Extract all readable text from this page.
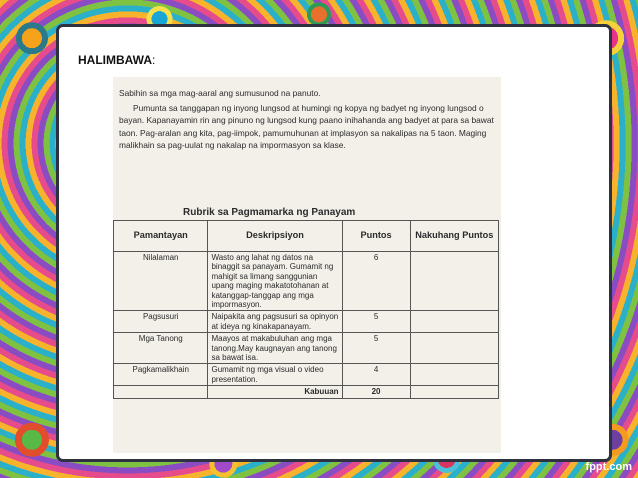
HALIMBAWA:

Sabihin sa mga mag-aaral ang sumusunod na panuto.

Pumunta sa tanggapan ng inyong lungsod at humingi ng kopya ng badyet ng inyong lungsod o bayan. Kapanayamin rin ang pinuno ng lungsod kung paano inihahanda ang badyet at para sa bawat taon. Pag-aralan ang kita, pag-iimpok, pamumuhunan at implasyon sa nakalipas na 5 taon. Maging malikhain sa pag-uulat ng nakalap na impormasyon sa klase.

Rubrik sa Pagmamarka ng Panayam
Pamantayan	Deskripsiyon	Puntos	Nakuhang Puntos
Nilalaman	Wasto ang lahat ng datos na binaggit sa panayam. Gumamit ng mahigit sa limang sanggunian upang maging makatotohanan at katanggap-tanggap ang mga impormasyon.	6	
Pagsusuri	Naipakita ang pagsusuri sa opinyon at ideya ng kinakapanayam.	5	
Mga Tanong	Maayos at makabuluhan ang mga tanong.May kaugnayan ang tanong sa bawat isa.	5	
Pagkamalikhain	Gumamit ng mga visual o video presentation.	4	
	Kabuuan	20	
fppt.com
